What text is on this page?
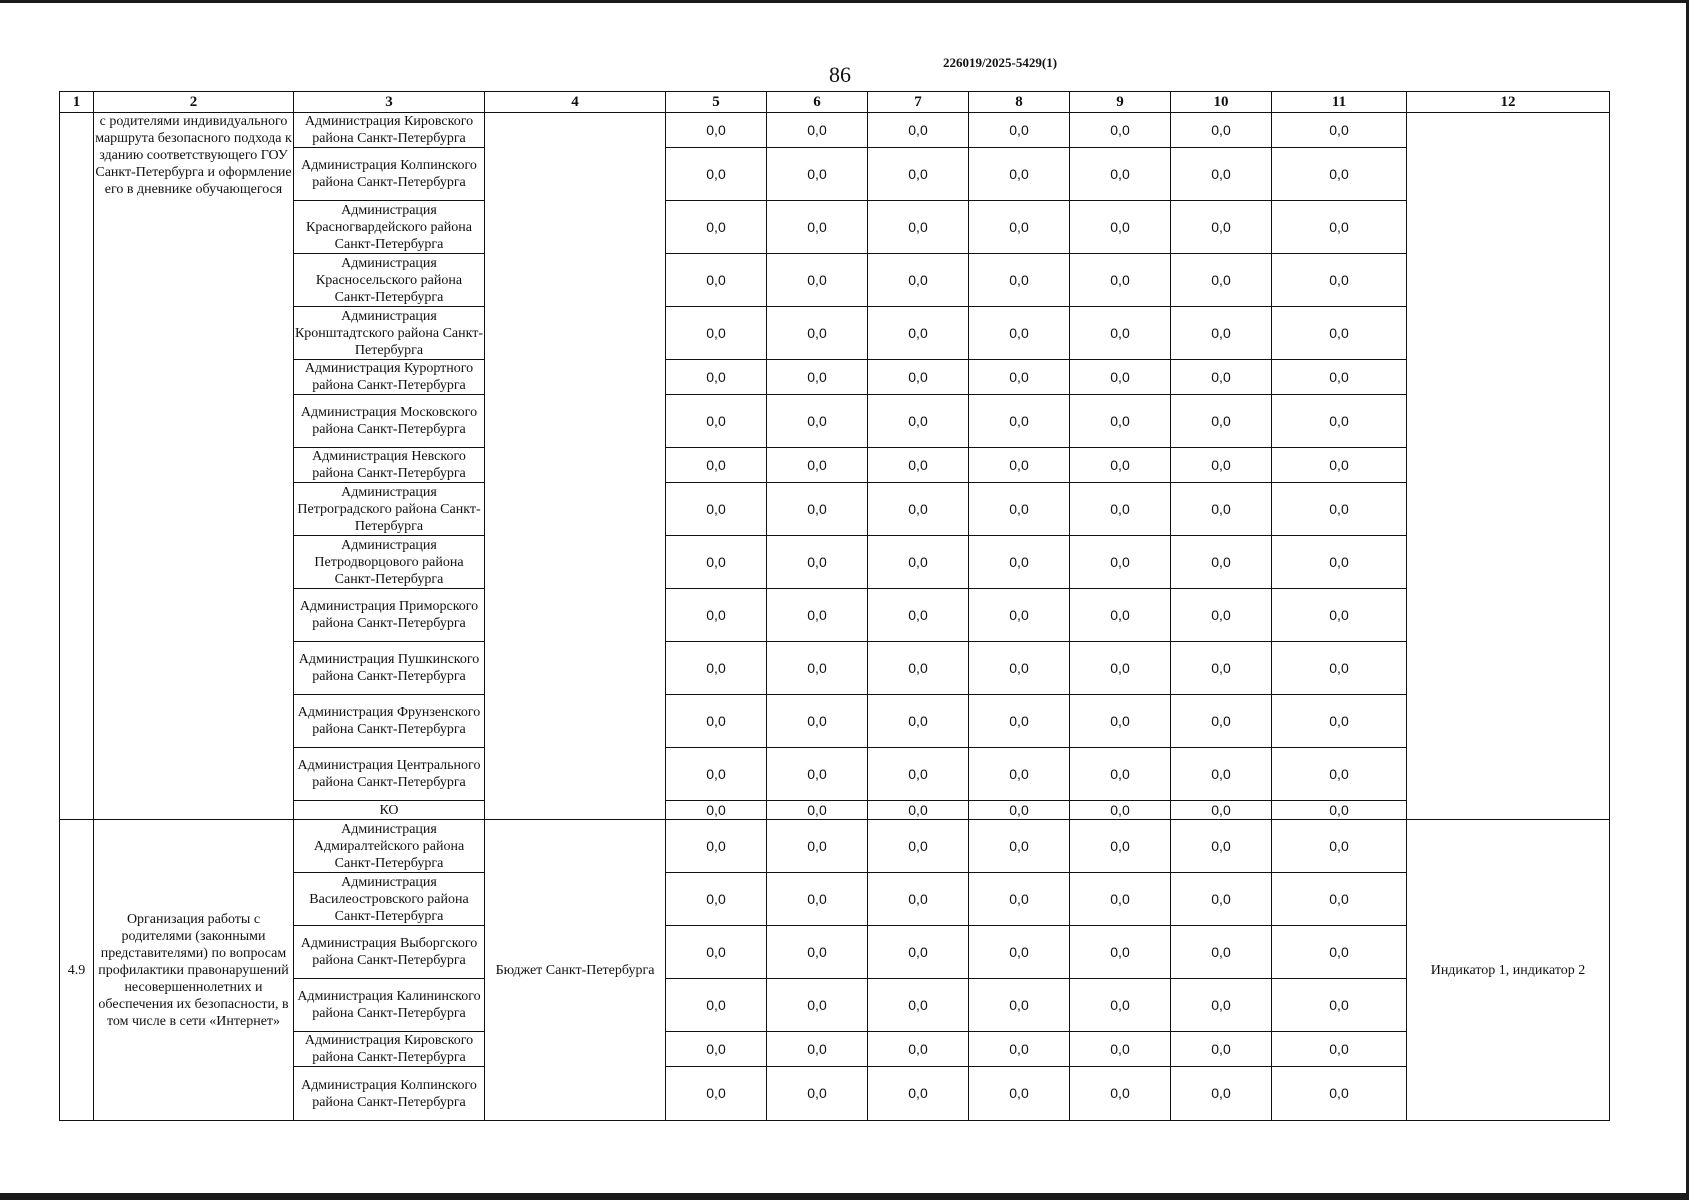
226019/2025-5429(1)
86
1	2	3	4	5	6	7	8	9	10	11	12
	с родителями индивидуального маршрута безопасного подхода к зданию соответствующего ГОУ Санкт-Петербурга и оформление его в дневнике обучающегося	Администрация Кировского района Санкт-Петербурга		0,0	0,0	0,0	0,0	0,0	0,0	0,0	
		Администрация Колпинского района Санкт-Петербурга		0,0	0,0	0,0	0,0	0,0	0,0	0,0	
		Администрация Красногвардейского района Санкт-Петербурга		0,0	0,0	0,0	0,0	0,0	0,0	0,0	
		Администрация Красносельского района Санкт-Петербурга		0,0	0,0	0,0	0,0	0,0	0,0	0,0	
		Администрация Кронштадтского района Санкт-Петербурга		0,0	0,0	0,0	0,0	0,0	0,0	0,0	
		Администрация Курортного района Санкт-Петербурга		0,0	0,0	0,0	0,0	0,0	0,0	0,0	
		Администрация Московского района Санкт-Петербурга		0,0	0,0	0,0	0,0	0,0	0,0	0,0	
		Администрация Невского района Санкт-Петербурга		0,0	0,0	0,0	0,0	0,0	0,0	0,0	
		Администрация Петроградского района Санкт-Петербурга		0,0	0,0	0,0	0,0	0,0	0,0	0,0	
		Администрация Петродворцового района Санкт-Петербурга		0,0	0,0	0,0	0,0	0,0	0,0	0,0	
		Администрация Приморского района Санкт-Петербурга		0,0	0,0	0,0	0,0	0,0	0,0	0,0	
		Администрация Пушкинского района Санкт-Петербурга		0,0	0,0	0,0	0,0	0,0	0,0	0,0	
		Администрация Фрунзенского района Санкт-Петербурга		0,0	0,0	0,0	0,0	0,0	0,0	0,0	
		Администрация Центрального района Санкт-Петербурга		0,0	0,0	0,0	0,0	0,0	0,0	0,0	
		КО		0,0	0,0	0,0	0,0	0,0	0,0	0,0	
4.9	Организация работы с родителями (законными представителями) по вопросам профилактики правонарушений несовершеннолетних и обеспечения их безопасности, в том числе в сети «Интернет»	Администрация Адмиралтейского района Санкт-Петербурга	Бюджет Санкт-Петербурга	0,0	0,0	0,0	0,0	0,0	0,0	0,0	Индикатор 1, индикатор 2
		Администрация Василеостровского района Санкт-Петербурга		0,0	0,0	0,0	0,0	0,0	0,0	0,0	
		Администрация Выборгского района Санкт-Петербурга		0,0	0,0	0,0	0,0	0,0	0,0	0,0	
		Администрация Калининского района Санкт-Петербурга		0,0	0,0	0,0	0,0	0,0	0,0	0,0	
		Администрация Кировского района Санкт-Петербурга		0,0	0,0	0,0	0,0	0,0	0,0	0,0	
		Администрация Колпинского района Санкт-Петербурга		0,0	0,0	0,0	0,0	0,0	0,0	0,0	
